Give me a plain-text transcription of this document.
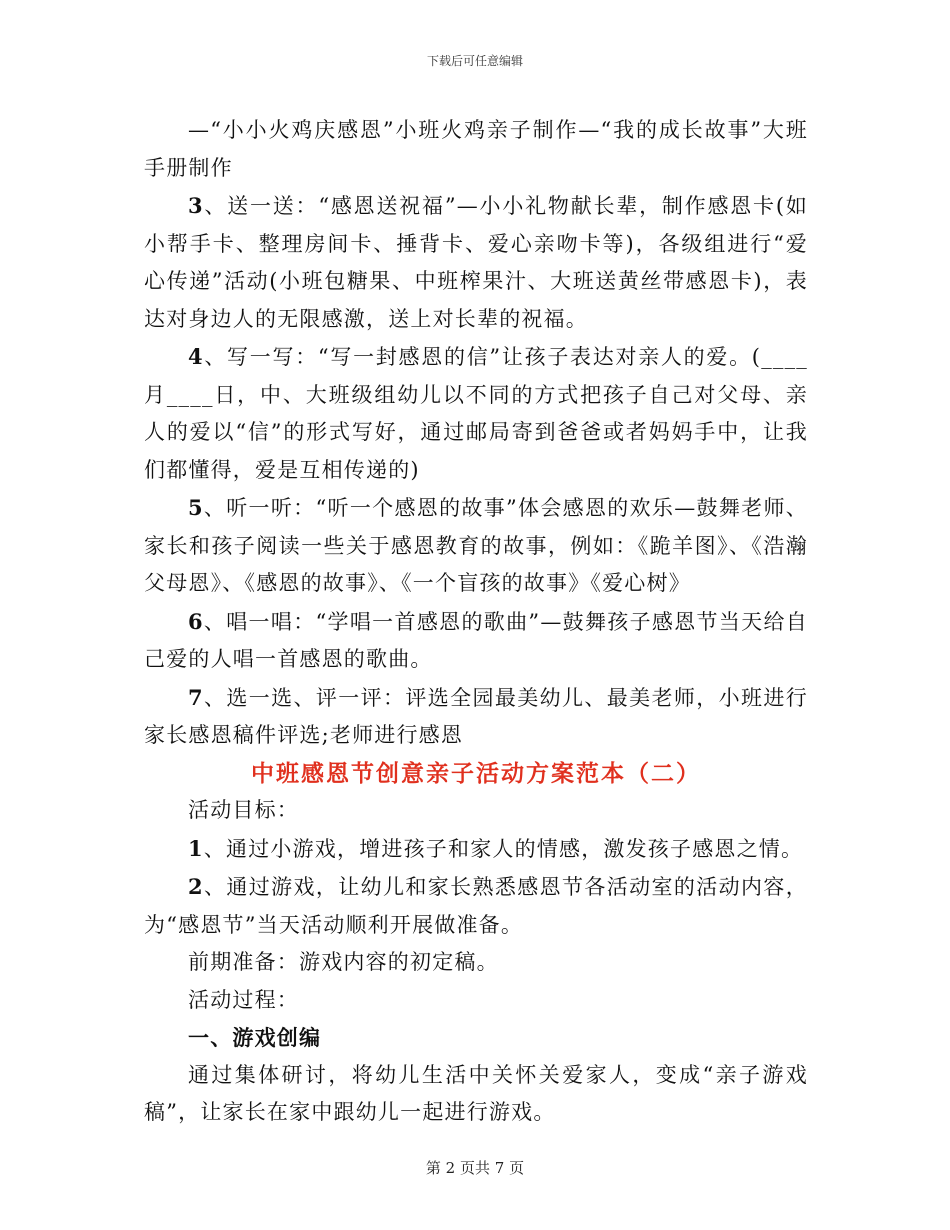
下载后可任意编辑

—“小小火鸡庆感恩”小班火鸡亲子制作—“我的成长故事”大班手册制作

3、送一送：“感恩送祝福”—小小礼物献长辈，制作感恩卡(如小帮手卡、整理房间卡、捶背卡、爱心亲吻卡等)，各级组进行“爱心传递”活动(小班包糖果、中班榨果汁、大班送黄丝带感恩卡)，表达对身边人的无限感激，送上对长辈的祝福。

4、写一写：“写一封感恩的信”让孩子表达对亲人的爱。(____月____日，中、大班级组幼儿以不同的方式把孩子自己对父母、亲人的爱以“信”的形式写好，通过邮局寄到爸爸或者妈妈手中，让我们都懂得，爱是互相传递的)

5、听一听：“听一个感恩的故事”体会感恩的欢乐—鼓舞老师、家长和孩子阅读一些关于感恩教育的故事，例如：《跪羊图》、《浩瀚父母恩》、《感恩的故事》、《一个盲孩的故事》《爱心树》

6、唱一唱：“学唱一首感恩的歌曲”—鼓舞孩子感恩节当天给自己爱的人唱一首感恩的歌曲。

7、选一选、评一评：评选全园最美幼儿、最美老师，小班进行家长感恩稿件评选;老师进行感恩

中班感恩节创意亲子活动方案范本（二）

活动目标：

1、通过小游戏，增进孩子和家人的情感，激发孩子感恩之情。

2、通过游戏，让幼儿和家长熟悉感恩节各活动室的活动内容，为“感恩节”当天活动顺利开展做准备。

前期准备：游戏内容的初定稿。

活动过程：

一、游戏创编

通过集体研讨，将幼儿生活中关怀关爱家人，变成“亲子游戏稿”，让家长在家中跟幼儿一起进行游戏。

第 2 页共 7 页
